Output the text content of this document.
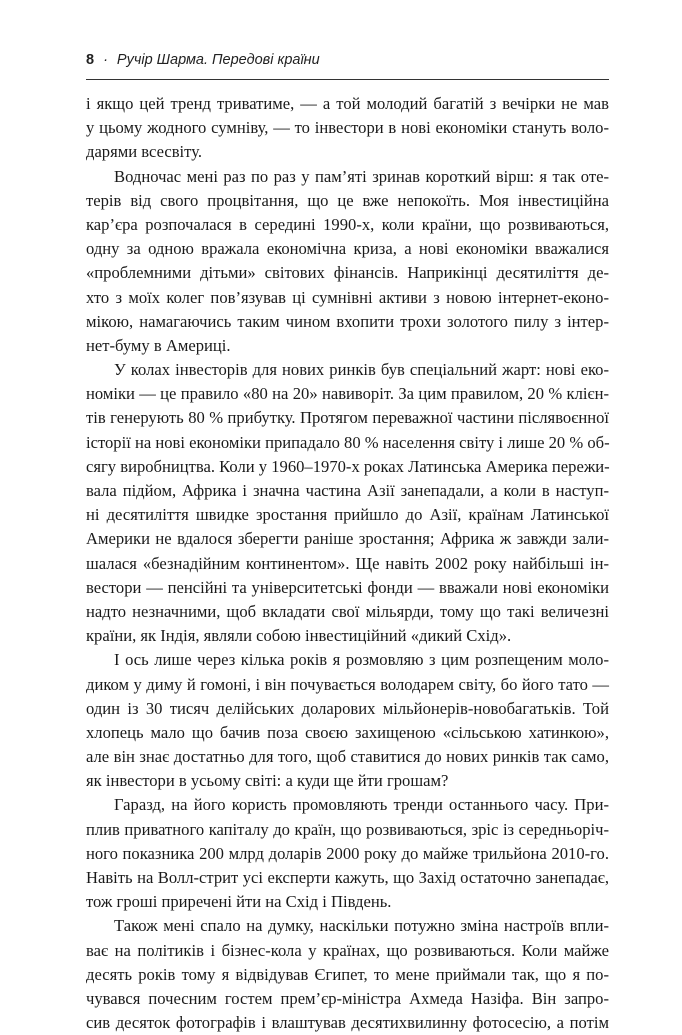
8 · Ручір Шарма. Передові країни
і якщо цей тренд триватиме, — а той молодий багатій з вечірки не мав
у цьому жодного сумніву, — то інвестори в нові економіки стануть воло-
дарями всесвіту.
Водночас мені раз по раз у пам’яті зринав короткий вірш: я так оте-
терів від свого процвітання, що це вже непокоїть. Моя інвестиційна
кар’єра розпочалася в середині 1990-х, коли країни, що розвиваються,
одну за одною вражала економічна криза, а нові економіки вважалися
«проблемними дітьми» світових фінансів. Наприкінці десятиліття де-
хто з моїх колег пов’язував ці сумнівні активи з новою інтернет-еконо-
мікою, намагаючись таким чином вхопити трохи золотого пилу з інтер-
нет-буму в Америці.
У колах інвесторів для нових ринків був спеціальний жарт: нові еко-
номіки — це правило «80 на 20» навиворіт. За цим правилом, 20 % клієн-
тів генерують 80 % прибутку. Протягом переважної частини післявоєнної
історії на нові економіки припадало 80 % населення світу і лише 20 % об-
сягу виробництва. Коли у 1960–1970-х роках Латинська Америка пережи-
вала підйом, Африка і значна частина Азії занепадали, а коли в наступ-
ні десятиліття швидке зростання прийшло до Азії, країнам Латинської
Америки не вдалося зберегти раніше зростання; Африка ж завжди зали-
шалася «безнадійним континентом». Ще навіть 2002 року найбільші ін-
вестори — пенсійні та університетські фонди — вважали нові економіки
надто незначними, щоб вкладати свої мільярди, тому що такі величезні
країни, як Індія, являли собою інвестиційний «дикий Схід».
І ось лише через кілька років я розмовляю з цим розпещеним моло-
диком у диму й гомоні, і він почувається володарем світу, бо його тато —
один із 30 тисяч делійських доларових мільйонерів-новобагатьків. Той
хлопець мало що бачив поза своєю захищеною «сільською хатинкою»,
але він знає достатньо для того, щоб ставитися до нових ринків так само,
як інвестори в усьому світі: а куди ще йти грошам?
Гаразд, на його користь промовляють тренди останнього часу. При-
плив приватного капіталу до країн, що розвиваються, зріс із середньоріч-
ного показника 200 млрд доларів 2000 року до майже трильйона 2010-го.
Навіть на Волл-стрит усі експерти кажуть, що Захід остаточно занепадає,
тож гроші приречені йти на Схід і Південь.
Також мені спало на думку, наскільки потужно зміна настроїв впли-
ває на політиків і бізнес-кола у країнах, що розвиваються. Коли майже
десять років тому я відвідував Єгипет, то мене приймали так, що я по-
чувався почесним гостем прем’єр-міністра Ахмеда Назіфа. Він запро-
сив десяток фотографів і влаштував десятихвилинну фотосесію, а потім
